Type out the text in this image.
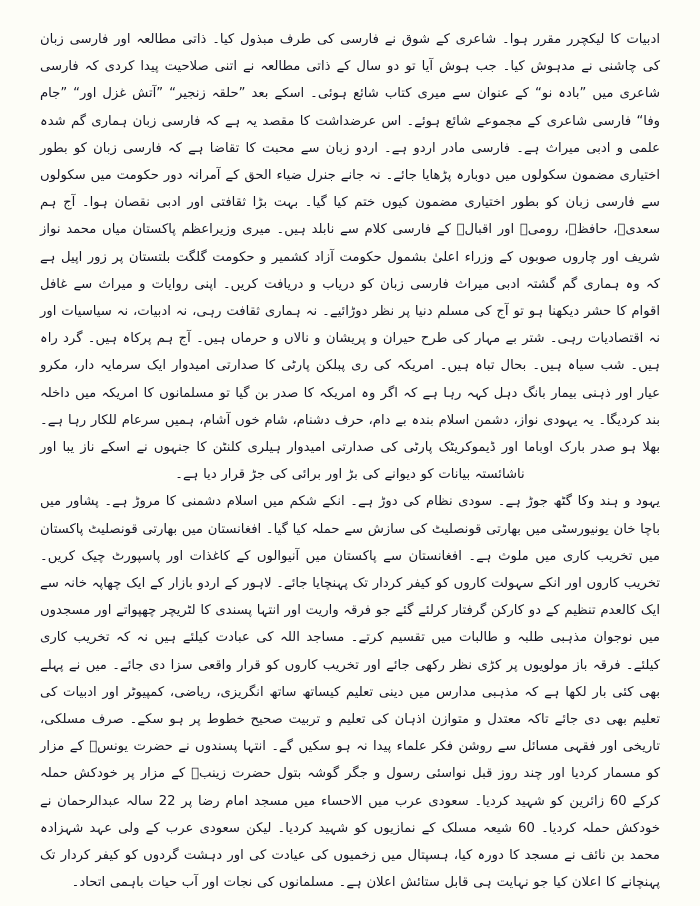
ادبیات کا لیکچرر مقرر ہوا۔ شاعری کے شوق نے فارسی کی طرف مبذول کیا۔ ذاتی مطالعہ اور فارسی زبان کی چاشنی نے مدہوش کیا۔ جب ہوش آیا تو دو سال کے ذاتی مطالعہ نے اتنی صلاحیت پیدا کردی کہ فارسی شاعری میں ”بادہ نو“ کے عنوان سے میری کتاب شائع ہوئی۔ اسکے بعد ”حلقہ زنجیر“ ”آتش غزل اور“ ”جام وفا“ فارسی شاعری کے مجموعے شائع ہوئے۔ اس عرضداشت کا مقصد یہ ہے کہ فارسی زبان ہماری گم شدہ علمی و ادبی میراث ہے۔ فارسی مادر اردو ہے۔ اردو زبان سے محبت کا تقاضا ہے کہ فارسی زبان کو بطور اختیاری مضمون سکولوں میں دوبارہ پڑھایا جائے۔ نہ جانے جنرل ضیاء الحق کے آمرانہ دور حکومت میں سکولوں سے فارسی زبان کو بطور اختیاری مضمون کیوں ختم کیا گیا۔ بہت بڑا ثقافتی اور ادبی نقصان ہوا۔ آج ہم سعدیؒ، حافظؒ، رومیؒ اور اقبالؒ کے فارسی کلام سے نابلد ہیں۔ میری وزیراعظم پاکستان میاں محمد نواز شریف اور چاروں صوبوں کے وزراء اعلیٰ بشمول حکومت آزاد کشمیر و حکومت گلگت بلتستان پر زور اپیل ہے کہ وہ ہماری گم گشتہ ادبی میراث فارسی زبان کو دریاب و دریافت کریں۔ اپنی روایات و میراث سے غافل اقوام کا حشر دیکھنا ہو تو آج کی مسلم دنیا پر نظر دوڑائیے۔ نہ ہماری ثقافت رہی، نہ ادبیات، نہ سیاسیات اور نہ اقتصادیات رہی۔ شتر بے مہار کی طرح حیران و پریشان و نالاں و حرماں ہیں۔ آج ہم پرکاہ ہیں۔ گرد راہ ہیں۔ شب سیاہ ہیں۔ بحال تباہ ہیں۔ امریکہ کی ری پبلکن پارٹی کا صدارتی امیدوار ایک سرمایہ دار، مکرو عیار اور ذہنی بیمار بانگ دہل کہہ رہا ہے کہ اگر وہ امریکہ کا صدر بن گیا تو مسلمانوں کا امریکہ میں داخلہ بند کردیگا۔ یہ یہودی نواز، دشمن اسلام بندہ بے دام، حرف دشنام، شام خوں آشام، ہمیں سرعام للکار رہا ہے۔ بھلا ہو صدر بارک اوباما اور ڈیموکریٹک پارٹی کی صدارتی امیدوار ہیلری کلنٹن کا جنہوں نے اسکے ناز یبا اور ناشائستہ بیانات کو دیوانے کی بڑ اور برائی کی جڑ قرار دیا ہے۔

یہود و ہند وکا گٹھ جوڑ ہے۔ سودی نظام کی دوڑ ہے۔ انکے شکم میں اسلام دشمنی کا مروڑ ہے۔ پشاور میں باچا خان یونیورسٹی میں بھارتی قونصلیٹ کی سازش سے حملہ کیا گیا۔ افغانستان میں بھارتی قونصلیٹ پاکستان میں تخریب کاری میں ملوث ہے۔ افغانستان سے پاکستان میں آنیوالوں کے کاغذات اور پاسپورٹ چیک کریں۔ تخریب کاروں اور انکے سہولت کاروں کو کیفر کردار تک پہنچایا جائے۔ لاہور کے اردو بازار کے ایک چھاپہ خانہ سے ایک کالعدم تنظیم کے دو کارکن گرفتار کرلئے گئے جو فرقہ واریت اور انتہا پسندی کا لٹریچر چھپواتے اور مسجدوں میں نوجوان مذہبی طلبہ و طالبات میں تقسیم کرتے۔ مساجد اللہ کی عبادت کیلئے ہیں نہ کہ تخریب کاری کیلئے۔ فرقہ باز مولویوں پر کڑی نظر رکھی جائے اور تخریب کاروں کو قرار واقعی سزا دی جائے۔ میں نے پہلے بھی کئی بار لکھا ہے کہ مذہبی مدارس میں دینی تعلیم کیساتھ ساتھ انگریزی، ریاضی، کمپیوٹر اور ادبیات کی تعلیم بھی دی جائے تاکہ معتدل و متوازن اذہان کی تعلیم و تربیت صحیح خطوط پر ہو سکے۔ صرف مسلکی، تاریخی اور فقہی مسائل سے روشن فکر علماء پیدا نہ ہو سکیں گے۔ انتہا پسندوں نے حضرت یونسؑ کے مزار کو مسمار کردیا اور چند روز قبل نواسئی رسول و جگر گوشہ بتول حضرت زینبؓ کے مزار پر خودکش حملہ کرکے 60 زائرین کو شہید کردیا۔ سعودی عرب میں الاحساء میں مسجد امام رضا پر 22 سالہ عبدالرحمان نے خودکش حملہ کردیا۔ 60 شیعہ مسلک کے نمازیوں کو شہید کردیا۔ لیکن سعودی عرب کے ولی عہد شہزادہ محمد بن نائف نے مسجد کا دورہ کیا، ہسپتال میں زخمیوں کی عیادت کی اور دہشت گردوں کو کیفر کردار تک پہنچانے کا اعلان کیا جو نہایت ہی قابل ستائش اعلان ہے۔ مسلمانوں کی نجات اور آب حیات باہمی اتحاد۔
